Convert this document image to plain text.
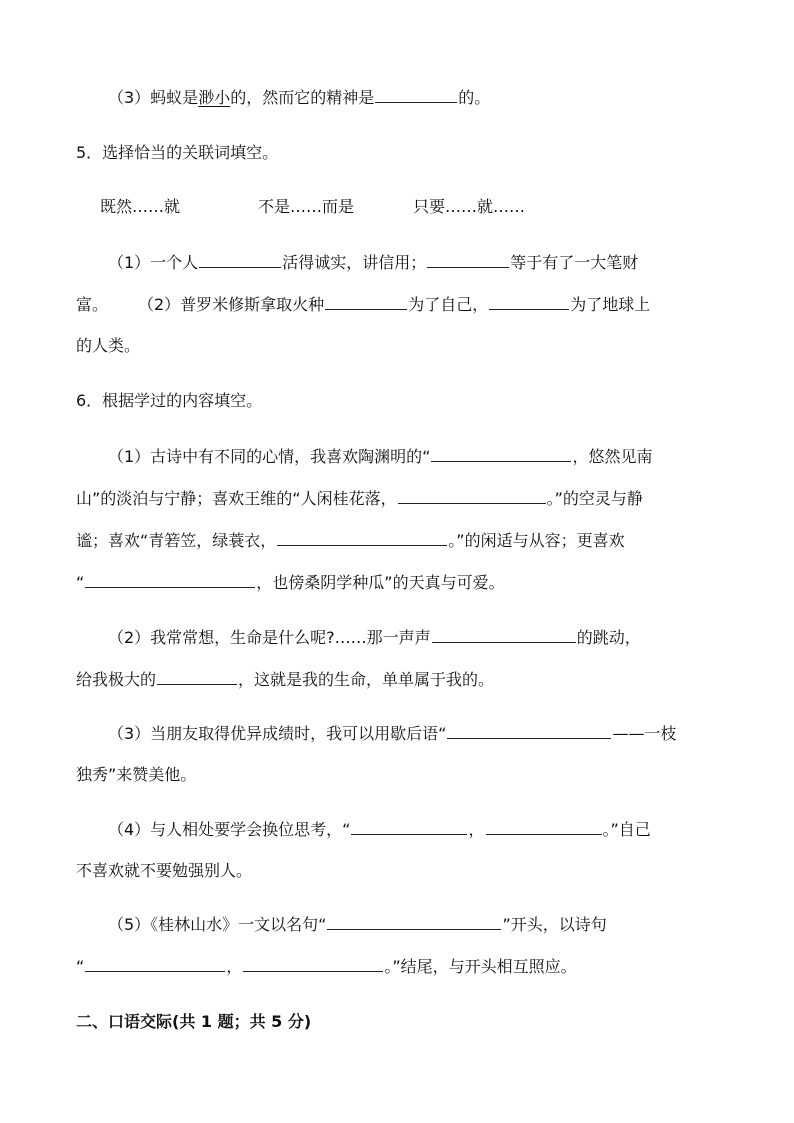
（3）蚂蚁是渺小的，然而它的精神是	的。
5．选择恰当的关联词填空。
既然……就	不是……而是	只要……就……
（1）一个人	活得诚实，讲信用；	等于有了一大笔财
富。 （2）普罗米修斯拿取火种	为了自己，	为了地球上
的人类。
6．根据学过的内容填空。
（1）古诗中有不同的心情，我喜欢陶渊明的“	，悠然见南
山”的淡泊与宁静；喜欢王维的“人闲桂花落，	。”的空灵与静
谧；喜欢“青箬笠，绿蓑衣，	。”的闲适与从容；更喜欢
“	，也傍桑阴学种瓜”的天真与可爱。
（2）我常常想，生命是什么呢?……那一声声	的跳动，
给我极大的	，这就是我的生命，单单属于我的。
（3）当朋友取得优异成绩时，我可以用歇后语“	——一枝
独秀”来赞美他。
（4）与人相处要学会换位思考，“	，	。”自己
不喜欢就不要勉强别人。
（5）《桂林山水》一文以名句“	”开头，以诗句
“	，	。”结尾，与开头相互照应。
二、口语交际(共 1 题；共 5 分)
